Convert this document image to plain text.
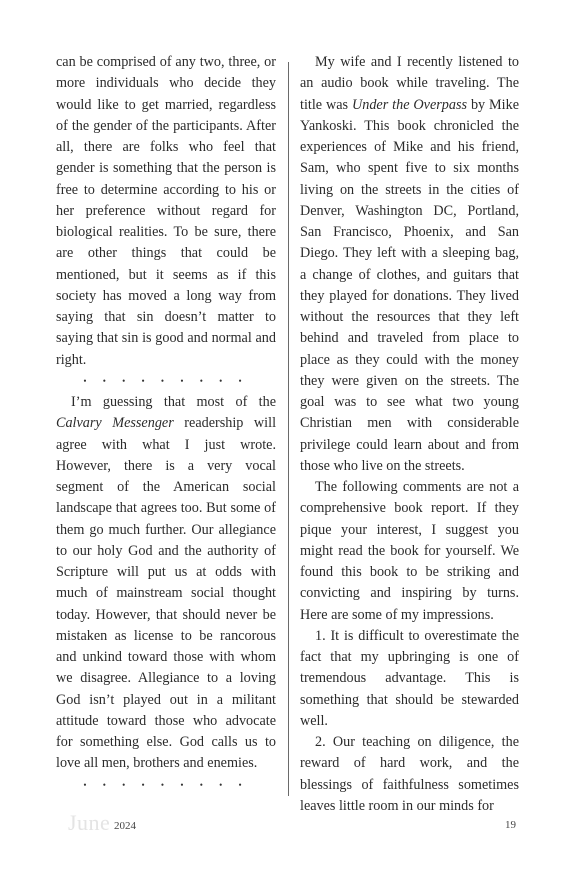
can be comprised of any two, three, or more individuals who decide they would like to get married, regardless of the gender of the participants. After all, there are folks who feel that gender is something that the person is free to determine according to his or her preference without regard for biological realities. To be sure, there are other things that could be mentioned, but it seems as if this society has moved a long way from saying that sin doesn’t matter to saying that sin is good and normal and right.

• • • • • • • • •

I’m guessing that most of the Calvary Messenger readership will agree with what I just wrote. However, there is a very vocal segment of the American social landscape that agrees too. But some of them go much further. Our allegiance to our holy God and the authority of Scripture will put us at odds with much of mainstream social thought today. However, that should never be mistaken as license to be rancorous and unkind toward those with whom we disagree. Allegiance to a loving God isn’t played out in a militant attitude toward those who advocate for something else. God calls us to love all men, brothers and enemies.

• • • • • • • • •

My wife and I recently listened to an audio book while traveling. The title was Under the Overpass by Mike Yankoski. This book chronicled the experiences of Mike and his friend, Sam, who spent five to six months living on the streets in the cities of Denver, Washington DC, Portland, San Francisco, Phoenix, and San Diego. They left with a sleeping bag, a change of clothes, and guitars that they played for donations. They lived without the resources that they left behind and traveled from place to place as they could with the money they were given on the streets. The goal was to see what two young Christian men with considerable privilege could learn about and from those who live on the streets.

The following comments are not a comprehensive book report. If they pique your interest, I suggest you might read the book for yourself. We found this book to be striking and convicting and inspiring by turns. Here are some of my impressions.

1. It is difficult to overestimate the fact that my upbringing is one of tremendous advantage. This is something that should be stewarded well.

2. Our teaching on diligence, the reward of hard work, and the blessings of faithfulness sometimes leaves little room in our minds for

June 2024	19
